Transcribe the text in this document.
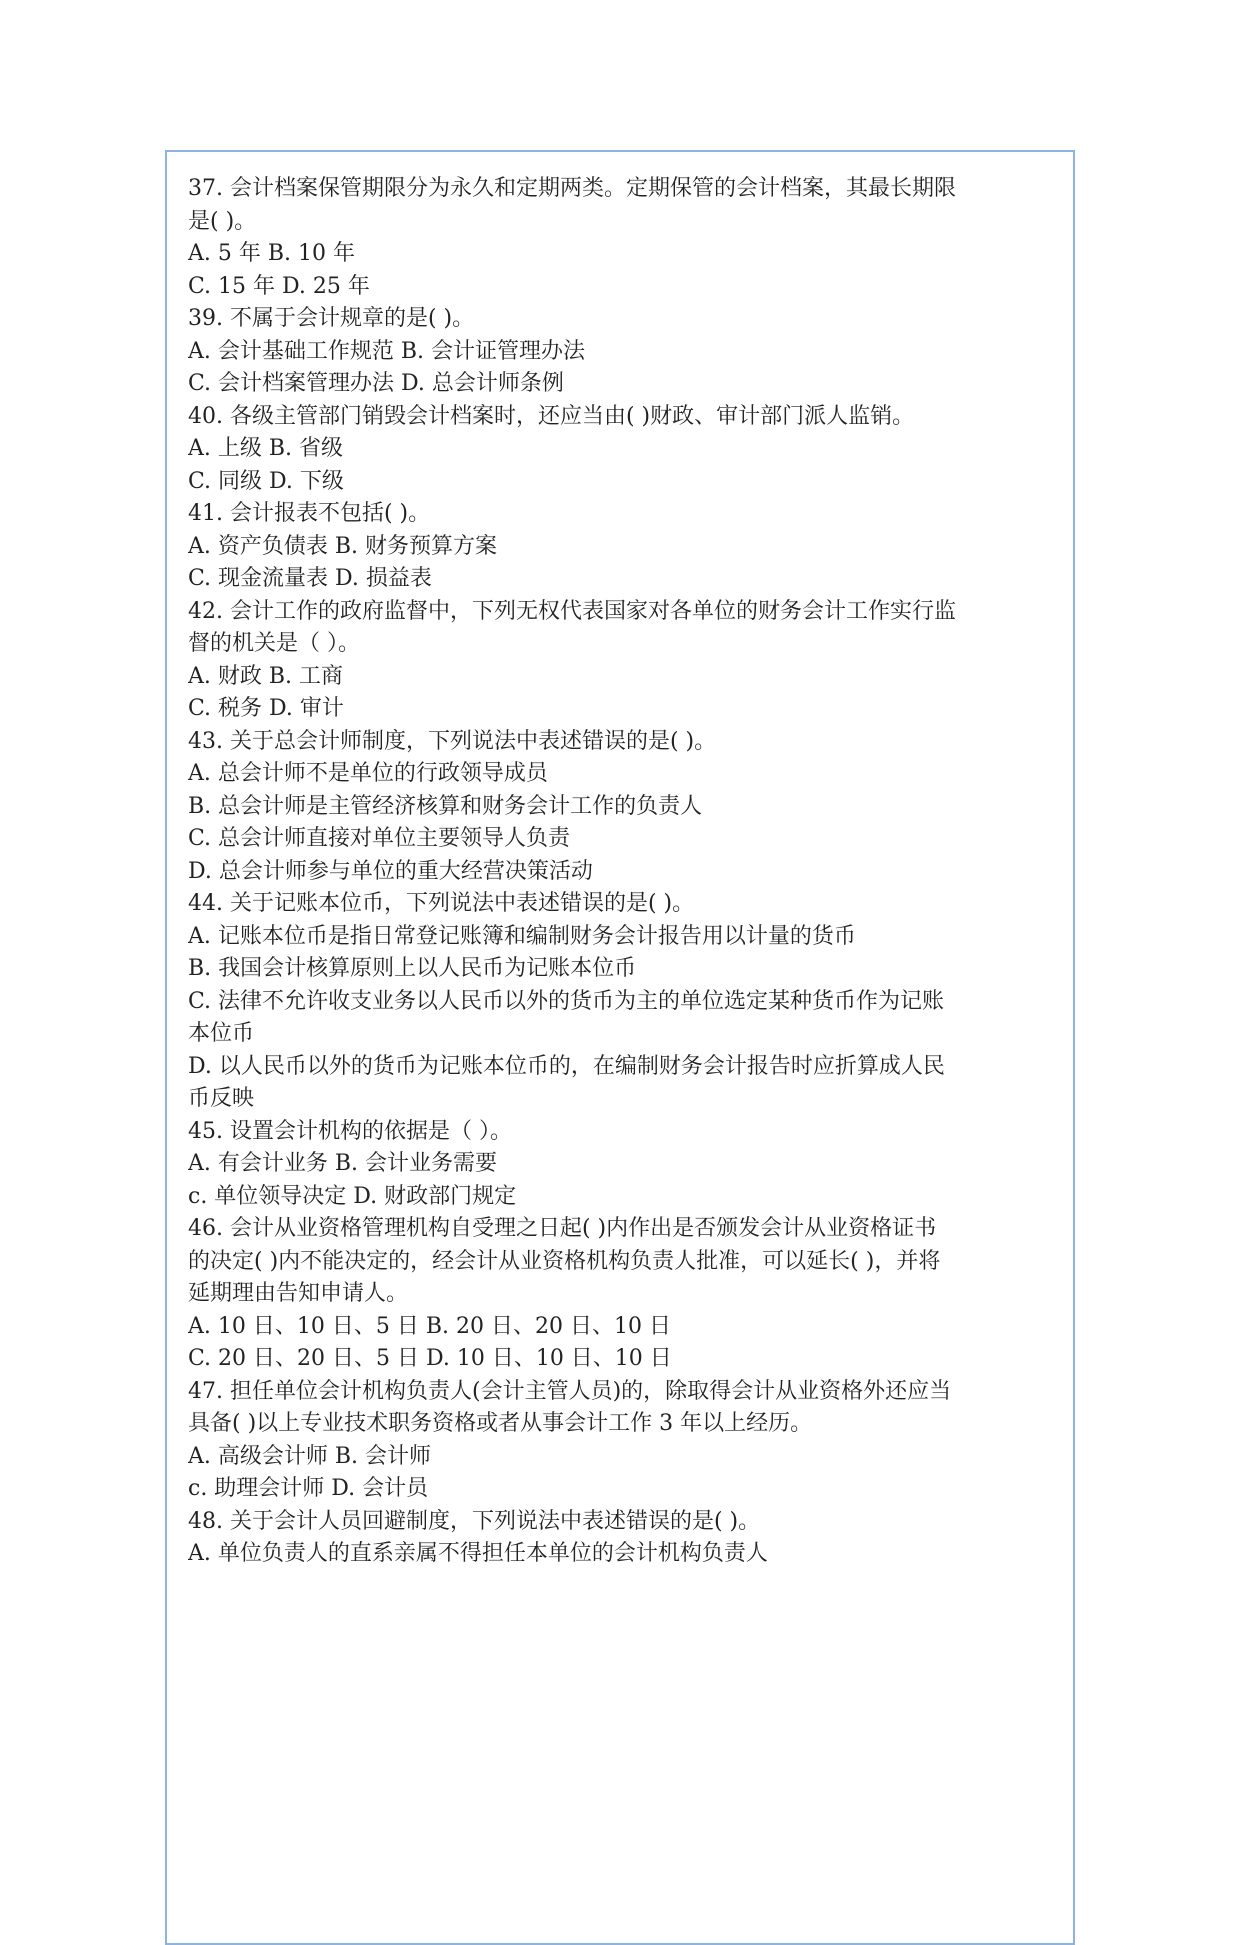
37. 会计档案保管期限分为永久和定期两类。定期保管的会计档案，其最长期限
是( )。
A. 5 年 B. 10 年
C. 15 年 D. 25 年
39. 不属于会计规章的是( )。
A. 会计基础工作规范 B. 会计证管理办法
C. 会计档案管理办法 D. 总会计师条例
40. 各级主管部门销毁会计档案时，还应当由( )财政、审计部门派人监销。
A. 上级 B. 省级
C. 同级 D. 下级
41. 会计报表不包括( )。
A. 资产负债表 B. 财务预算方案
C. 现金流量表 D. 损益表
42. 会计工作的政府监督中，下列无权代表国家对各单位的财务会计工作实行监
督的机关是（ ）。
A. 财政 B. 工商
C. 税务 D. 审计
43. 关于总会计师制度，下列说法中表述错误的是( )。
A. 总会计师不是单位的行政领导成员
B. 总会计师是主管经济核算和财务会计工作的负责人
C. 总会计师直接对单位主要领导人负责
D. 总会计师参与单位的重大经营决策活动
44. 关于记账本位币，下列说法中表述错误的是( )。
A. 记账本位币是指日常登记账簿和编制财务会计报告用以计量的货币
B. 我国会计核算原则上以人民币为记账本位币
C. 法律不允许收支业务以人民币以外的货币为主的单位选定某种货币作为记账
本位币
D. 以人民币以外的货币为记账本位币的，在编制财务会计报告时应折算成人民
币反映
45. 设置会计机构的依据是（ ）。
A. 有会计业务 B. 会计业务需要
c. 单位领导决定 D. 财政部门规定
46. 会计从业资格管理机构自受理之日起( )内作出是否颁发会计从业资格证书
的决定( )内不能决定的，经会计从业资格机构负责人批准，可以延长( )，并将
延期理由告知申请人。
A. 10 日、10 日、5 日 B. 20 日、20 日、10 日
C. 20 日、20 日、5 日 D. 10 日、10 日、10 日
47. 担任单位会计机构负责人(会计主管人员)的，除取得会计从业资格外还应当
具备( )以上专业技术职务资格或者从事会计工作 3 年以上经历。
A. 高级会计师 B. 会计师
c. 助理会计师 D. 会计员
48. 关于会计人员回避制度，下列说法中表述错误的是( )。
A. 单位负责人的直系亲属不得担任本单位的会计机构负责人
